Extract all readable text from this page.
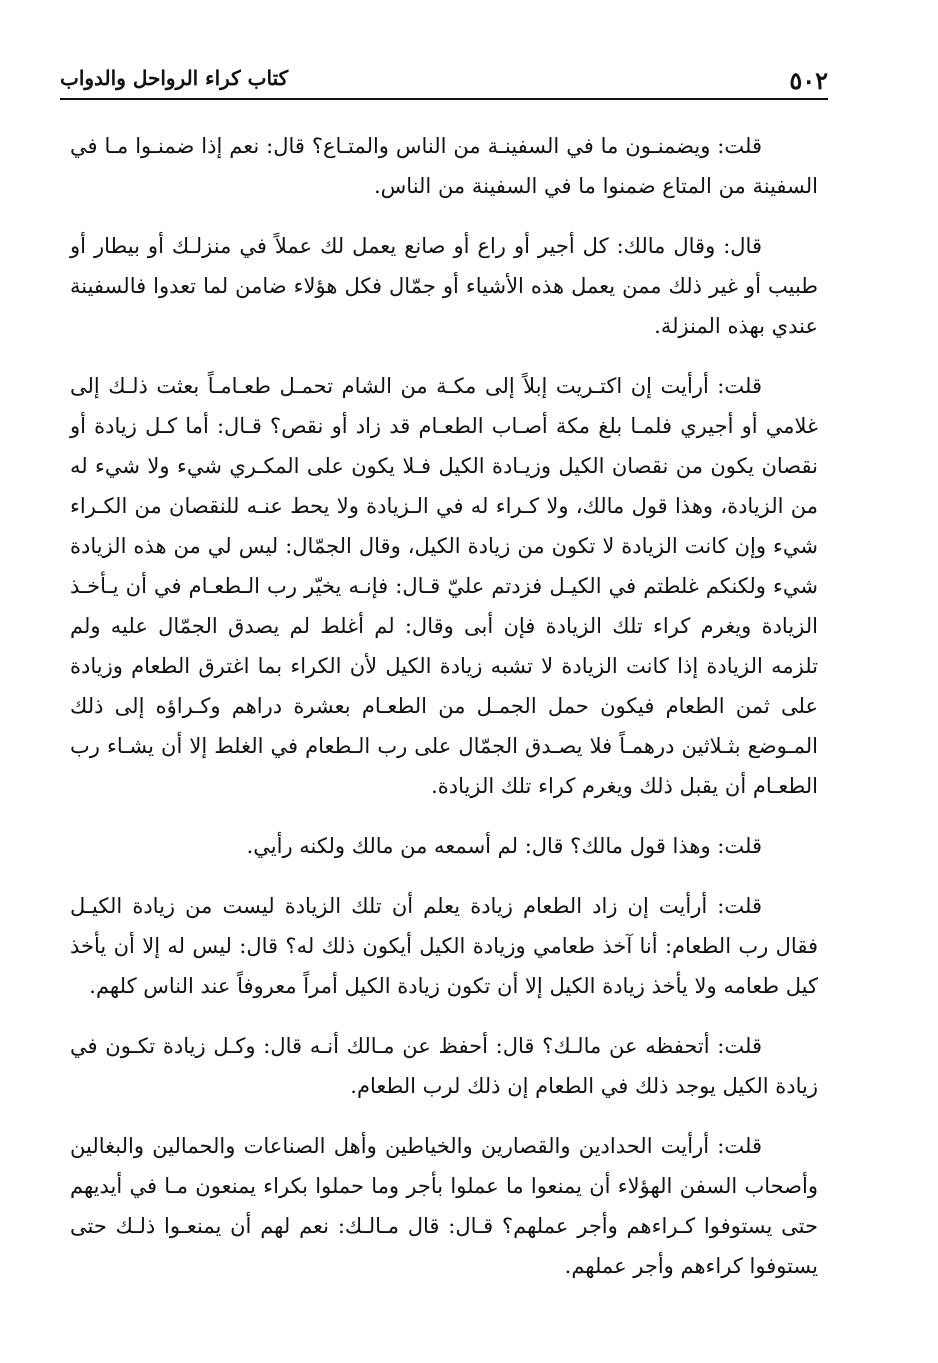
٥٠٢
كتاب كراء الرواحل والدواب

قلت: ويضمنـون ما في السفينـة من الناس والمتـاع؟ قال: نعم إذا ضمنـوا مـا في السفينة من المتاع ضمنوا ما في السفينة من الناس.

قال: وقال مالك: كل أجير أو راع أو صانع يعمل لك عملاً في منزلـك أو بيطار أو طبيب أو غير ذلك ممن يعمل هذه الأشياء أو جمّال فكل هؤلاء ضامن لما تعدوا فالسفينة عندي بهذه المنزلة.

قلت: أرأيت إن اكتـريت إبلاً إلى مكـة من الشام تحمـل طعـامـاً بعثت ذلـك إلى غلامي أو أجيري فلمـا بلغ مكة أصـاب الطعـام قد زاد أو نقص؟ قـال: أما كـل زيادة أو نقصان يكون من نقصان الكيل وزيـادة الكيل فـلا يكون على المكـري شيء ولا شيء له من الزيادة، وهذا قول مالك، ولا كـراء له في الـزيادة ولا يحط عنـه للنقصان من الكـراء شيء وإن كانت الزيادة لا تكون من زيادة الكيل، وقال الجمّال: ليس لي من هذه الزيادة شيء ولكنكم غلطتم في الكيـل فزدتم عليّ قـال: فإنـه يخيّر رب الـطعـام في أن يـأخـذ الزيادة ويغرم كراء تلك الزيادة فإن أبى وقال: لم أغلط لم يصدق الجمّال عليه ولم تلزمه الزيادة إذا كانت الزيادة لا تشبه زيادة الكيل لأن الكراء بما اغترق الطعام وزيادة على ثمن الطعام فيكون حمل الجمـل من الطعـام بعشرة دراهم وكـراؤه إلى ذلك المـوضع بثـلاثين درهمـاً فلا يصـدق الجمّال على رب الـطعام في الغلط إلا أن يشـاء رب الطعـام أن يقبل ذلك ويغرم كراء تلك الزيادة.

قلت: وهذا قول مالك؟ قال: لم أسمعه من مالك ولكنه رأيي.

قلت: أرأيت إن زاد الطعام زيادة يعلم أن تلك الزيادة ليست من زيادة الكيـل فقال رب الطعام: أنا آخذ طعامي وزيادة الكيل أيكون ذلك له؟ قال: ليس له إلا أن يأخذ كيل طعامه ولا يأخذ زيادة الكيل إلا أن تكون زيادة الكيل أمراً معروفاً عند الناس كلهم.

قلت: أتحفظه عن مالـك؟ قال: أحفظ عن مـالك أنـه قال: وكـل زيادة تكـون في زيادة الكيل يوجد ذلك في الطعام إن ذلك لرب الطعام.

قلت: أرأيت الحدادين والقصارين والخياطين وأهل الصناعات والحمالين والبغالين وأصحاب السفن الهؤلاء أن يمنعوا ما عملوا بأجر وما حملوا بكراء يمنعون مـا في أيديهم حتى يستوفوا كـراءهم وأجر عملهم؟ قـال: قال مـالـك: نعم لهم أن يمنعـوا ذلـك حتى يستوفوا كراءهم وأجر عملهم.
